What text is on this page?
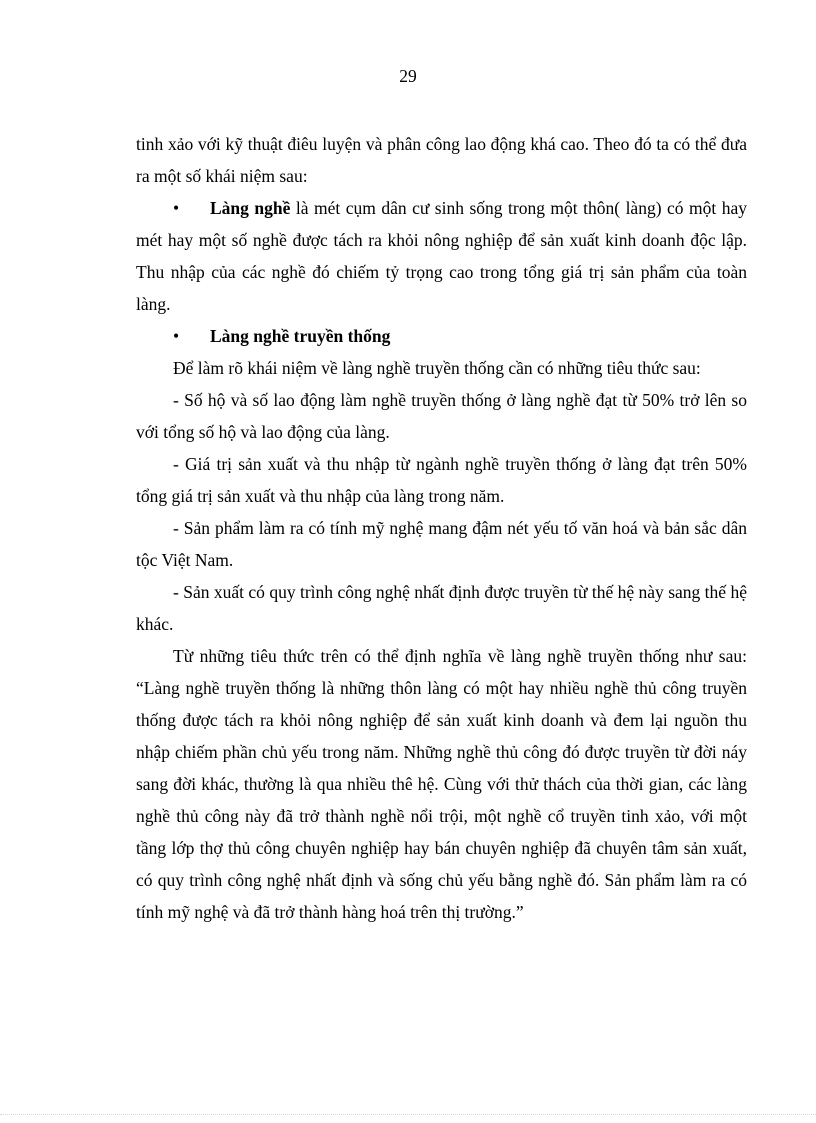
29

tinh xảo với kỹ thuật điêu luyện và phân công lao động khá cao. Theo đó ta có thể đưa ra một số khái niệm sau:

• Làng nghề là mét cụm dân cư sinh sống trong một thôn( làng) có một hay mét hay một số nghề được tách ra khỏi nông nghiệp để sản xuất kinh doanh độc lập. Thu nhập của các nghề đó chiếm tỷ trọng cao trong tổng giá trị sản phẩm của toàn làng.

• Làng nghề truyền thống

Để làm rõ khái niệm về làng nghề truyền thống cần có những tiêu thức sau:

- Số hộ và số lao động làm nghề truyền thống ở làng nghề đạt từ 50% trở lên so với tổng số hộ và lao động của làng.

- Giá trị sản xuất và thu nhập từ ngành nghề truyền thống ở làng đạt trên 50% tổng giá trị sản xuất và thu nhập của làng trong năm.

- Sản phẩm làm ra có tính mỹ nghệ mang đậm nét yếu tố văn hoá và bản sắc dân tộc Việt Nam.

- Sản xuất có quy trình công nghệ nhất định được truyền từ thế hệ này sang thế hệ khác.

Từ những tiêu thức trên có thể định nghĩa về làng nghề truyền thống như sau: “Làng nghề truyền thống là những thôn làng có một hay nhiều nghề thủ công truyền thống được tách ra khỏi nông nghiệp để sản xuất kinh doanh và đem lại nguồn thu nhập chiếm phần chủ yếu trong năm. Những nghề thủ công đó được truyền từ đời náy sang đời khác, thường là qua nhiều thê hệ. Cùng với thử thách của thời gian, các làng nghề thủ công này đã trở thành nghề nổi trội, một nghề cổ truyền tinh xảo, với một tầng lớp thợ thủ công chuyên nghiệp hay bán chuyên nghiệp đã chuyên tâm sản xuất, có quy trình công nghệ nhất định và sống chủ yếu bằng nghề đó. Sản phẩm làm ra có tính mỹ nghệ và đã trở thành hàng hoá trên thị trường.”
